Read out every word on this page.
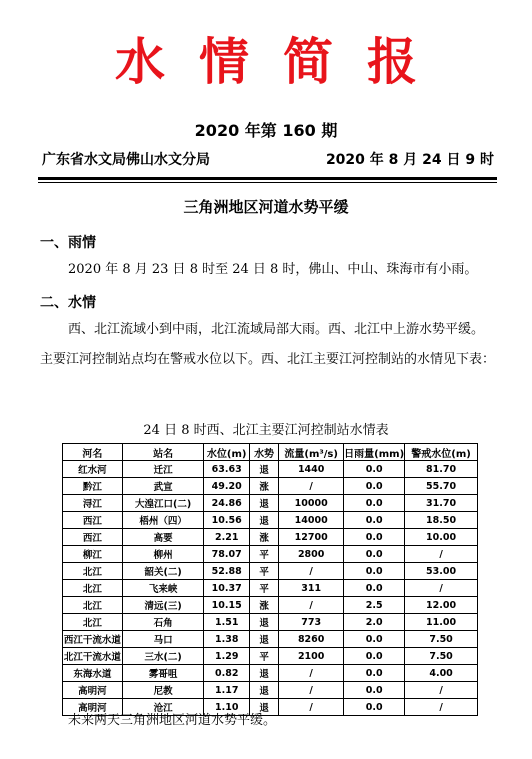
水情简报
2020 年第 160 期
广东省水文局佛山水文分局	2020 年 8 月 24 日 9 时
三角洲地区河道水势平缓
一、雨情
2020 年 8 月 23 日 8 时至 24 日 8 时，佛山、中山、珠海市有小雨。
二、水情
西、北江流域小到中雨，北江流域局部大雨。西、北江中上游水势平缓。主要江河控制站点均在警戒水位以下。西、北江主要江河控制站的水情见下表：
24 日 8 时西、北江主要江河控制站水情表
河名	站名	水位(m)	水势	流量(m³/s)	日雨量(mm)	警戒水位(m)
红水河	迁江	63.63	退	1440	0.0	81.70
黔江	武宣	49.20	涨	/	0.0	55.70
浔江	大湟江口(二)	24.86	退	10000	0.0	31.70
西江	梧州（四）	10.56	退	14000	0.0	18.50
西江	高要	2.21	涨	12700	0.0	10.00
柳江	柳州	78.07	平	2800	0.0	/
北江	韶关(二)	52.88	平	/	0.0	53.00
北江	飞来峡	10.37	平	311	0.0	/
北江	清远(三)	10.15	涨	/	2.5	12.00
北江	石角	1.51	退	773	2.0	11.00
西江干流水道	马口	1.38	退	8260	0.0	7.50
北江干流水道	三水(二)	1.29	平	2100	0.0	7.50
东海水道	雾哥咀	0.82	退	/	0.0	4.00
高明河	尼教	1.17	退	/	0.0	/
高明河	沧江	1.10	退	/	0.0	/
未来两天三角洲地区河道水势平缓。
